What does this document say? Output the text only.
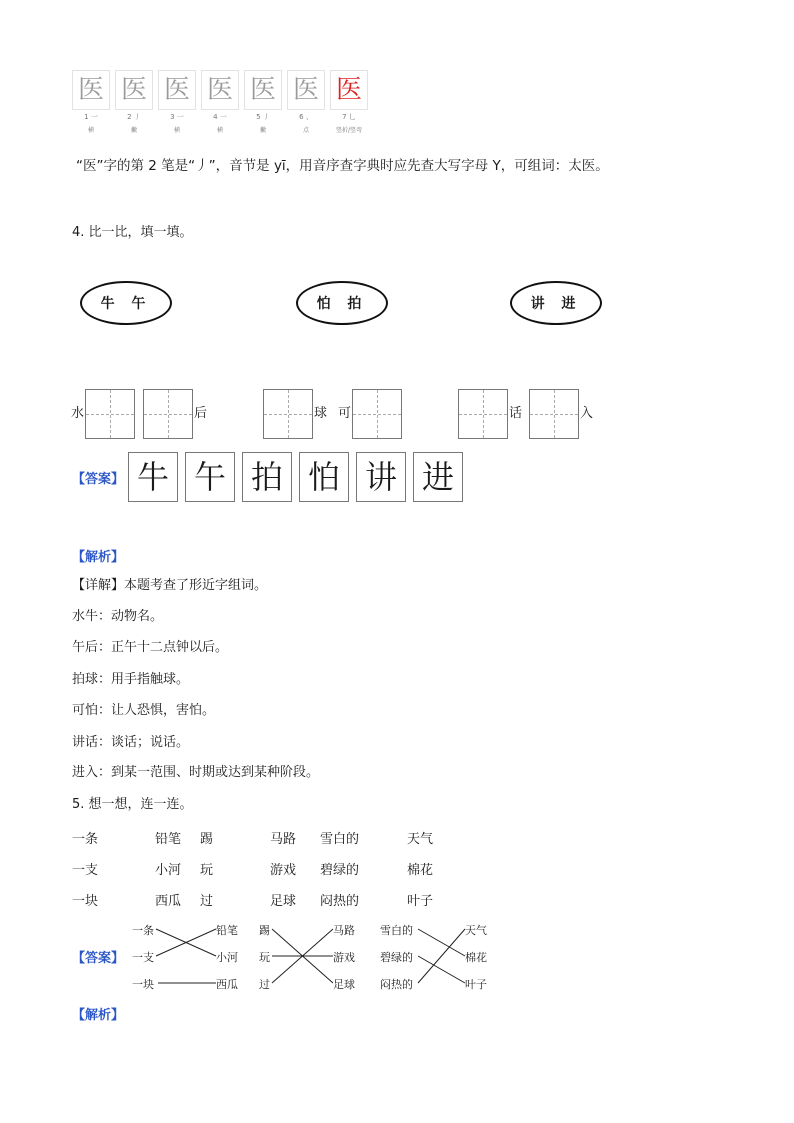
医 医 医 医 医 医 医
1 一	2 丿	3 一	4 一	5 丿	6 、	7 乚
横	撇	横	横	撇	点	竖折/竖弯
“医”字的第 2 笔是“丿”，音节是 yī，用音序查字典时应先查大写字母 Y，可组词：太医。
4. 比一比，填一填。
牛 午	怕 拍	讲 进
水	后	球 可	话	入
【答案】 牛 午 拍 怕 讲 进
【解析】
【详解】本题考查了形近字组词。
水牛：动物名。
午后：正午十二点钟以后。
拍球：用手指触球。
可怕：让人恐惧，害怕。
讲话：谈话；说话。
进入：到某一范围、时期或达到某种阶段。
5. 想一想，连一连。
一条	铅笔 踢	马路 雪白的	天气
一支	小河 玩	游戏 碧绿的	棉花
一块	西瓜 过	足球 闷热的	叶子
【答案】
一条	铅笔 踢	马路 雪白的	天气
一支	小河 玩	游戏 碧绿的	棉花
一块	西瓜 过	足球 闷热的	叶子
【解析】
